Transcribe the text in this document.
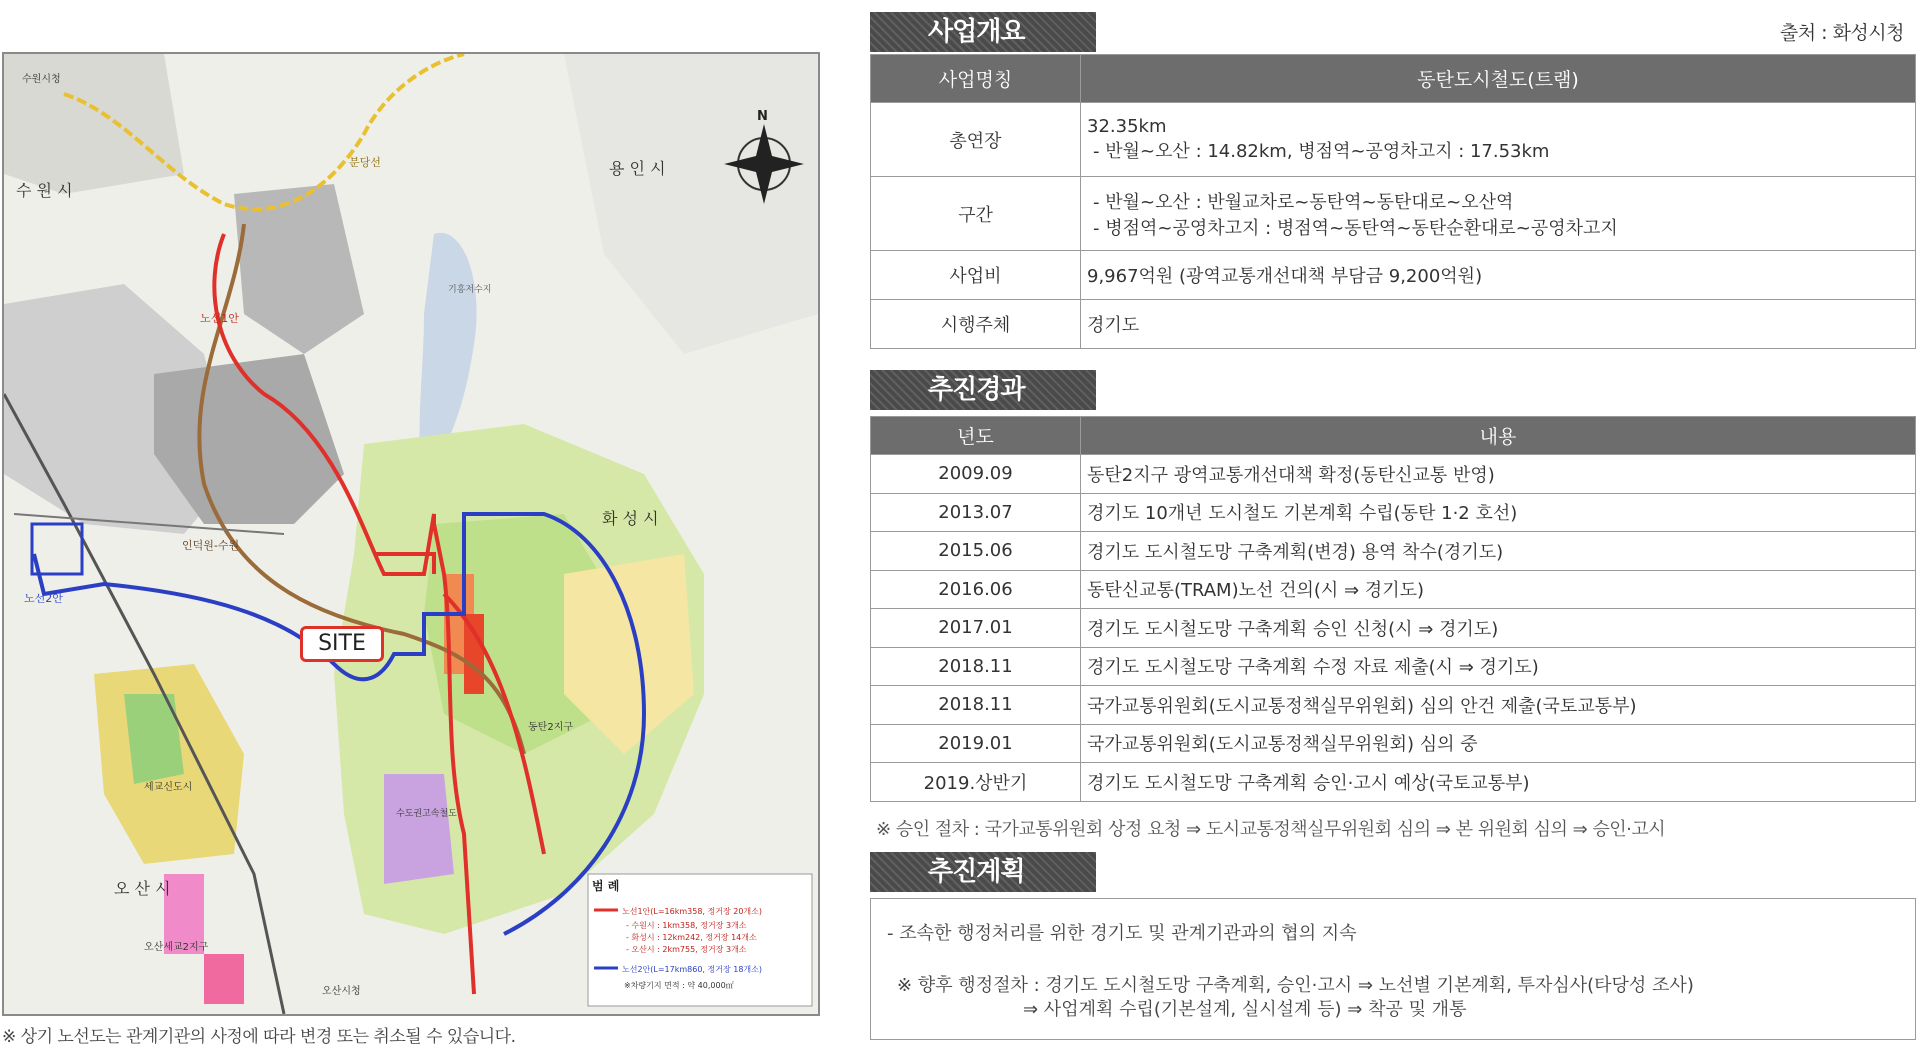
수원시청
수 원 시
용 인 시
화 성 시
오 산 시
분당선
노선1안
노선2안
인덕원-수원
동탄2지구
세교신도시
수도권고속철도
오산시청
기흥저수지
오산세교2지구
N
범 례
노선1안(L=16km358, 정거장 20개소)
- 수원시 : 1km358, 정거장 3개소
- 화성시 : 12km242, 정거장 14개소
- 오산시 : 2km755, 정거장 3개소
노선2안(L=17km860, 정거장 18개소)
※차량기지 면적 : 약 40,000㎡
SITE
※ 상기 노선도는 관계기관의 사정에 따라 변경 또는 취소될 수 있습니다.
사업개요	출처 : 화성시청
사업명칭	동탄도시철도(트램)
총연장	32.35km
- 반월~오산 : 14.82km, 병점역~공영차고지 : 17.53km

구간	- 반월~오산 : 반월교차로~동탄역~동탄대로~오산역
- 병점역~공영차고지 : 병점역~동탄역~동탄순환대로~공영차고지

사업비	9,967억원 (광역교통개선대책 부담금 9,200억원)
시행주체	경기도
추진경과
년도	내용
2009.09	동탄2지구 광역교통개선대책 확정(동탄신교통 반영)
2013.07	경기도 10개년 도시철도 기본계획 수립(동탄 1·2 호선)
2015.06	경기도 도시철도망 구축계획(변경) 용역 착수(경기도)
2016.06	동탄신교통(TRAM)노선 건의(시 ⇒ 경기도)
2017.01	경기도 도시철도망 구축계획 승인 신청(시 ⇒ 경기도)
2018.11	경기도 도시철도망 구축계획 수정 자료 제출(시 ⇒ 경기도)
2018.11	국가교통위원회(도시교통정책실무위원회) 심의 안건 제출(국토교통부)
2019.01	국가교통위원회(도시교통정책실무위원회) 심의 중
2019.상반기	경기도 도시철도망 구축계획 승인·고시 예상(국토교통부)
※ 승인 절차 : 국가교통위원회 상정 요청 ⇒ 도시교통정책실무위원회 심의 ⇒ 본 위원회 심의 ⇒ 승인·고시
추진계획
- 조속한 행정처리를 위한 경기도 및 관계기관과의 협의 지속
※ 향후 행정절차 : 경기도 도시철도망 구축계획, 승인·고시 ⇒ 노선별 기본계획, 투자심사(타당성 조사)
⇒ 사업계획 수립(기본설계, 실시설계 등) ⇒ 착공 및 개통
